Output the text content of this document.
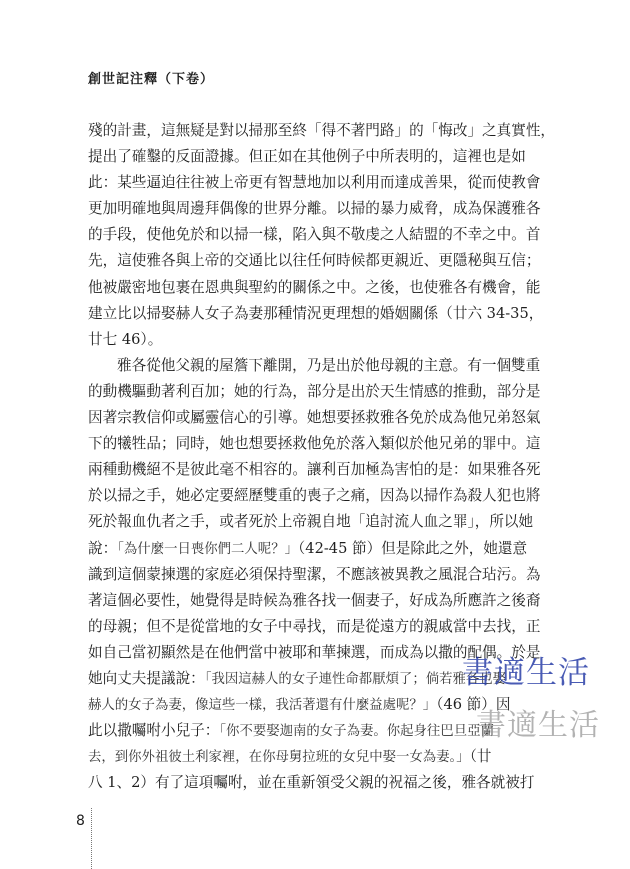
創世記注釋（下卷）
殘的計畫，這無疑是對以掃那至終「得不著門路」的「悔改」之真實性，
提出了確鑿的反面證據。但正如在其他例子中所表明的，這裡也是如
此：某些逼迫往往被上帝更有智慧地加以利用而達成善果，從而使教會
更加明確地與周邊拜偶像的世界分離。以掃的暴力威脅，成為保護雅各
的手段，使他免於和以掃一樣，陷入與不敬虔之人結盟的不幸之中。首
先，這使雅各與上帝的交通比以往任何時候都更親近、更隱秘與互信；
他被嚴密地包裹在恩典與聖約的關係之中。之後，也使雅各有機會，能
建立比以掃娶赫人女子為妻那種情況更理想的婚姻關係（廿六 34-35，
廿七 46）。
雅各從他父親的屋簷下離開，乃是出於他母親的主意。有一個雙重
的動機驅動著利百加；她的行為，部分是出於天生情感的推動，部分是
因著宗教信仰或屬靈信心的引導。她想要拯救雅各免於成為他兄弟怒氣
下的犧牲品；同時，她也想要拯救他免於落入類似於他兄弟的罪中。這
兩種動機絕不是彼此毫不相容的。讓利百加極為害怕的是：如果雅各死
於以掃之手，她必定要經歷雙重的喪子之痛，因為以掃作為殺人犯也將
死於報血仇者之手，或者死於上帝親自地「追討流人血之罪」，所以她
說：「為什麼一日喪你們二人呢？」（42-45 節）但是除此之外，她還意
識到這個蒙揀選的家庭必須保持聖潔，不應該被異教之風混合玷污。為
著這個必要性，她覺得是時候為雅各找一個妻子，好成為所應許之後裔
的母親；但不是從當地的女子中尋找，而是從遠方的親戚當中去找，正
如自己當初顯然是在他們當中被耶和華揀選，而成為以撒的配偶。於是
她向丈夫提議說：「我因這赫人的女子連性命都厭煩了；倘若雅各也娶
赫人的女子為妻，像這些一樣，我活著還有什麼益處呢？」（46 節）因
此以撒囑咐小兒子：「你不要娶迦南的女子為妻。你起身往巴旦亞蘭
去，到你外祖彼土利家裡，在你母舅拉班的女兒中娶一女為妻。」（廿
八 1、2）有了這項囑咐，並在重新領受父親的祝福之後，雅各就被打
8
書適生活
書適生活
